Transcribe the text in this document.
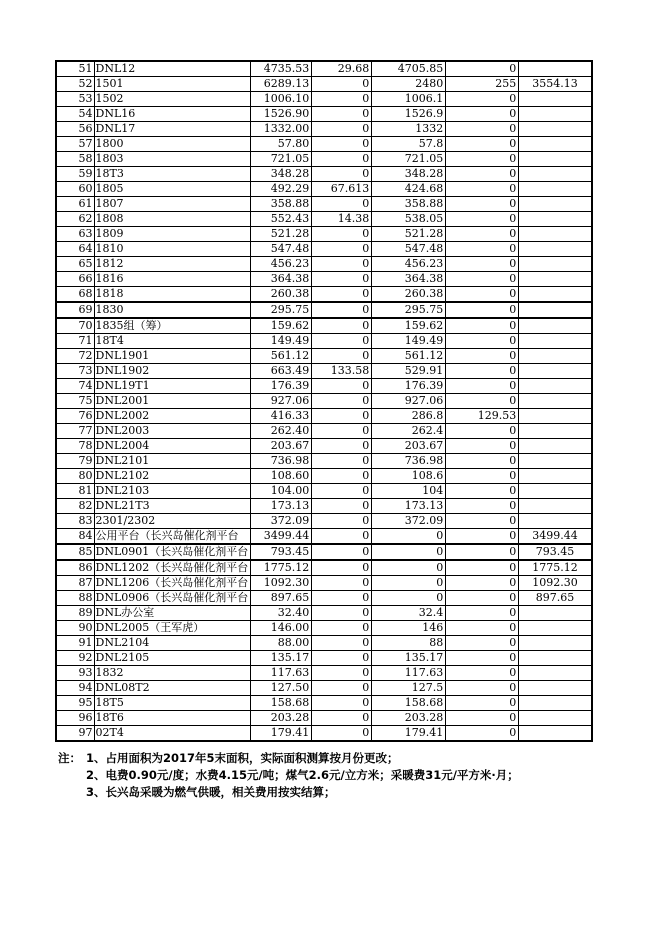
51	DNL12	4735.53	29.68	4705.85	0	
52	1501	6289.13	0	2480	255	3554.13
53	1502	1006.10	0	1006.1	0	
54	DNL16	1526.90	0	1526.9	0	
56	DNL17	1332.00	0	1332	0	
57	1800	57.80	0	57.8	0	
58	1803	721.05	0	721.05	0	
59	18T3	348.28	0	348.28	0	
60	1805	492.29	67.613	424.68	0	
61	1807	358.88	0	358.88	0	
62	1808	552.43	14.38	538.05	0	
63	1809	521.28	0	521.28	0	
64	1810	547.48	0	547.48	0	
65	1812	456.23	0	456.23	0	
66	1816	364.38	0	364.38	0	
68	1818	260.38	0	260.38	0	
69	1830	295.75	0	295.75	0	
70	1835组（筹）	159.62	0	159.62	0	
71	18T4	149.49	0	149.49	0	
72	DNL1901	561.12	0	561.12	0	
73	DNL1902	663.49	133.58	529.91	0	
74	DNL19T1	176.39	0	176.39	0	
75	DNL2001	927.06	0	927.06	0	
76	DNL2002	416.33	0	286.8	129.53	
77	DNL2003	262.40	0	262.4	0	
78	DNL2004	203.67	0	203.67	0	
79	DNL2101	736.98	0	736.98	0	
80	DNL2102	108.60	0	108.6	0	
81	DNL2103	104.00	0	104	0	
82	DNL21T3	173.13	0	173.13	0	
83	2301/2302	372.09	0	372.09	0	
84	公用平台（长兴岛催化剂平台	3499.44	0	0	0	3499.44
85	DNL0901（长兴岛催化剂平台	793.45	0	0	0	793.45
86	DNL1202（长兴岛催化剂平台	1775.12	0	0	0	1775.12
87	DNL1206（长兴岛催化剂平台	1092.30	0	0	0	1092.30
88	DNL0906（长兴岛催化剂平台	897.65	0	0	0	897.65
89	DNL办公室	32.40	0	32.4	0	
90	DNL2005（王军虎）	146.00	0	146	0	
91	DNL2104	88.00	0	88	0	
92	DNL2105	135.17	0	135.17	0	
93	1832	117.63	0	117.63	0	
94	DNL08T2	127.50	0	127.5	0	
95	18T5	158.68	0	158.68	0	
96	18T6	203.28	0	203.28	0	
97	02T4	179.41	0	179.41	0	
注： 1、占用面积为2017年5末面积，实际面积测算按月份更改；
2、电费0.90元/度；水费4.15元/吨；煤气2.6元/立方米；采暖费31元/平方米·月；
3、长兴岛采暖为燃气供暖，相关费用按实结算；
